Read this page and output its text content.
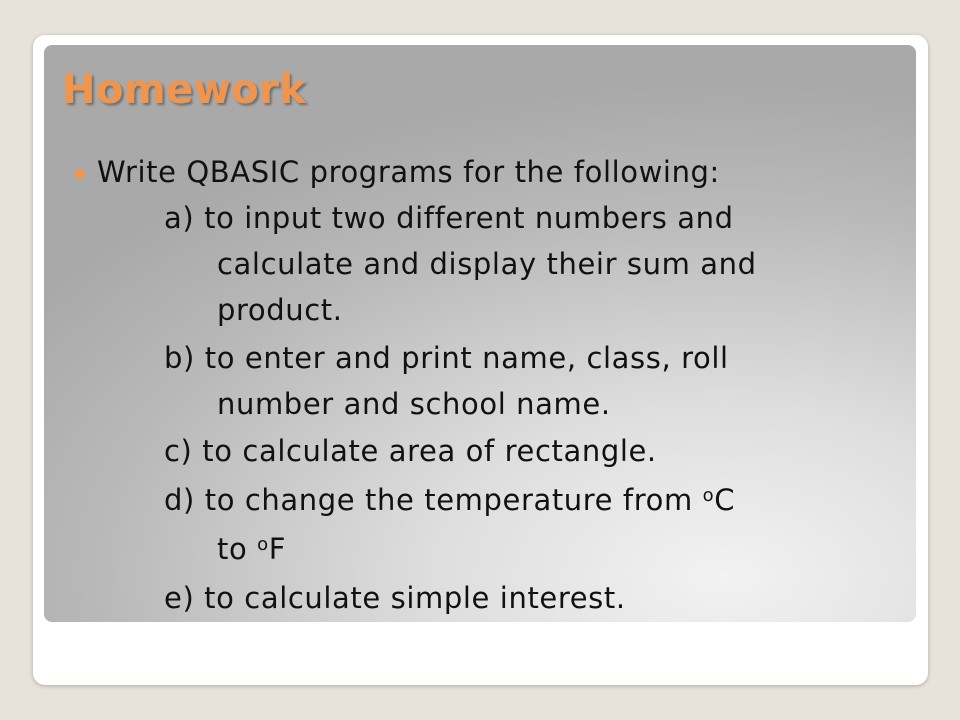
Homework

Write QBASIC programs for the following:

a) to input two different numbers and

calculate and display their sum and

product.

b) to enter and print name, class, roll

number and school name.

c) to calculate area of rectangle.

d) to change the temperature from $^o$C

to $^o$F

e) to calculate simple interest.
